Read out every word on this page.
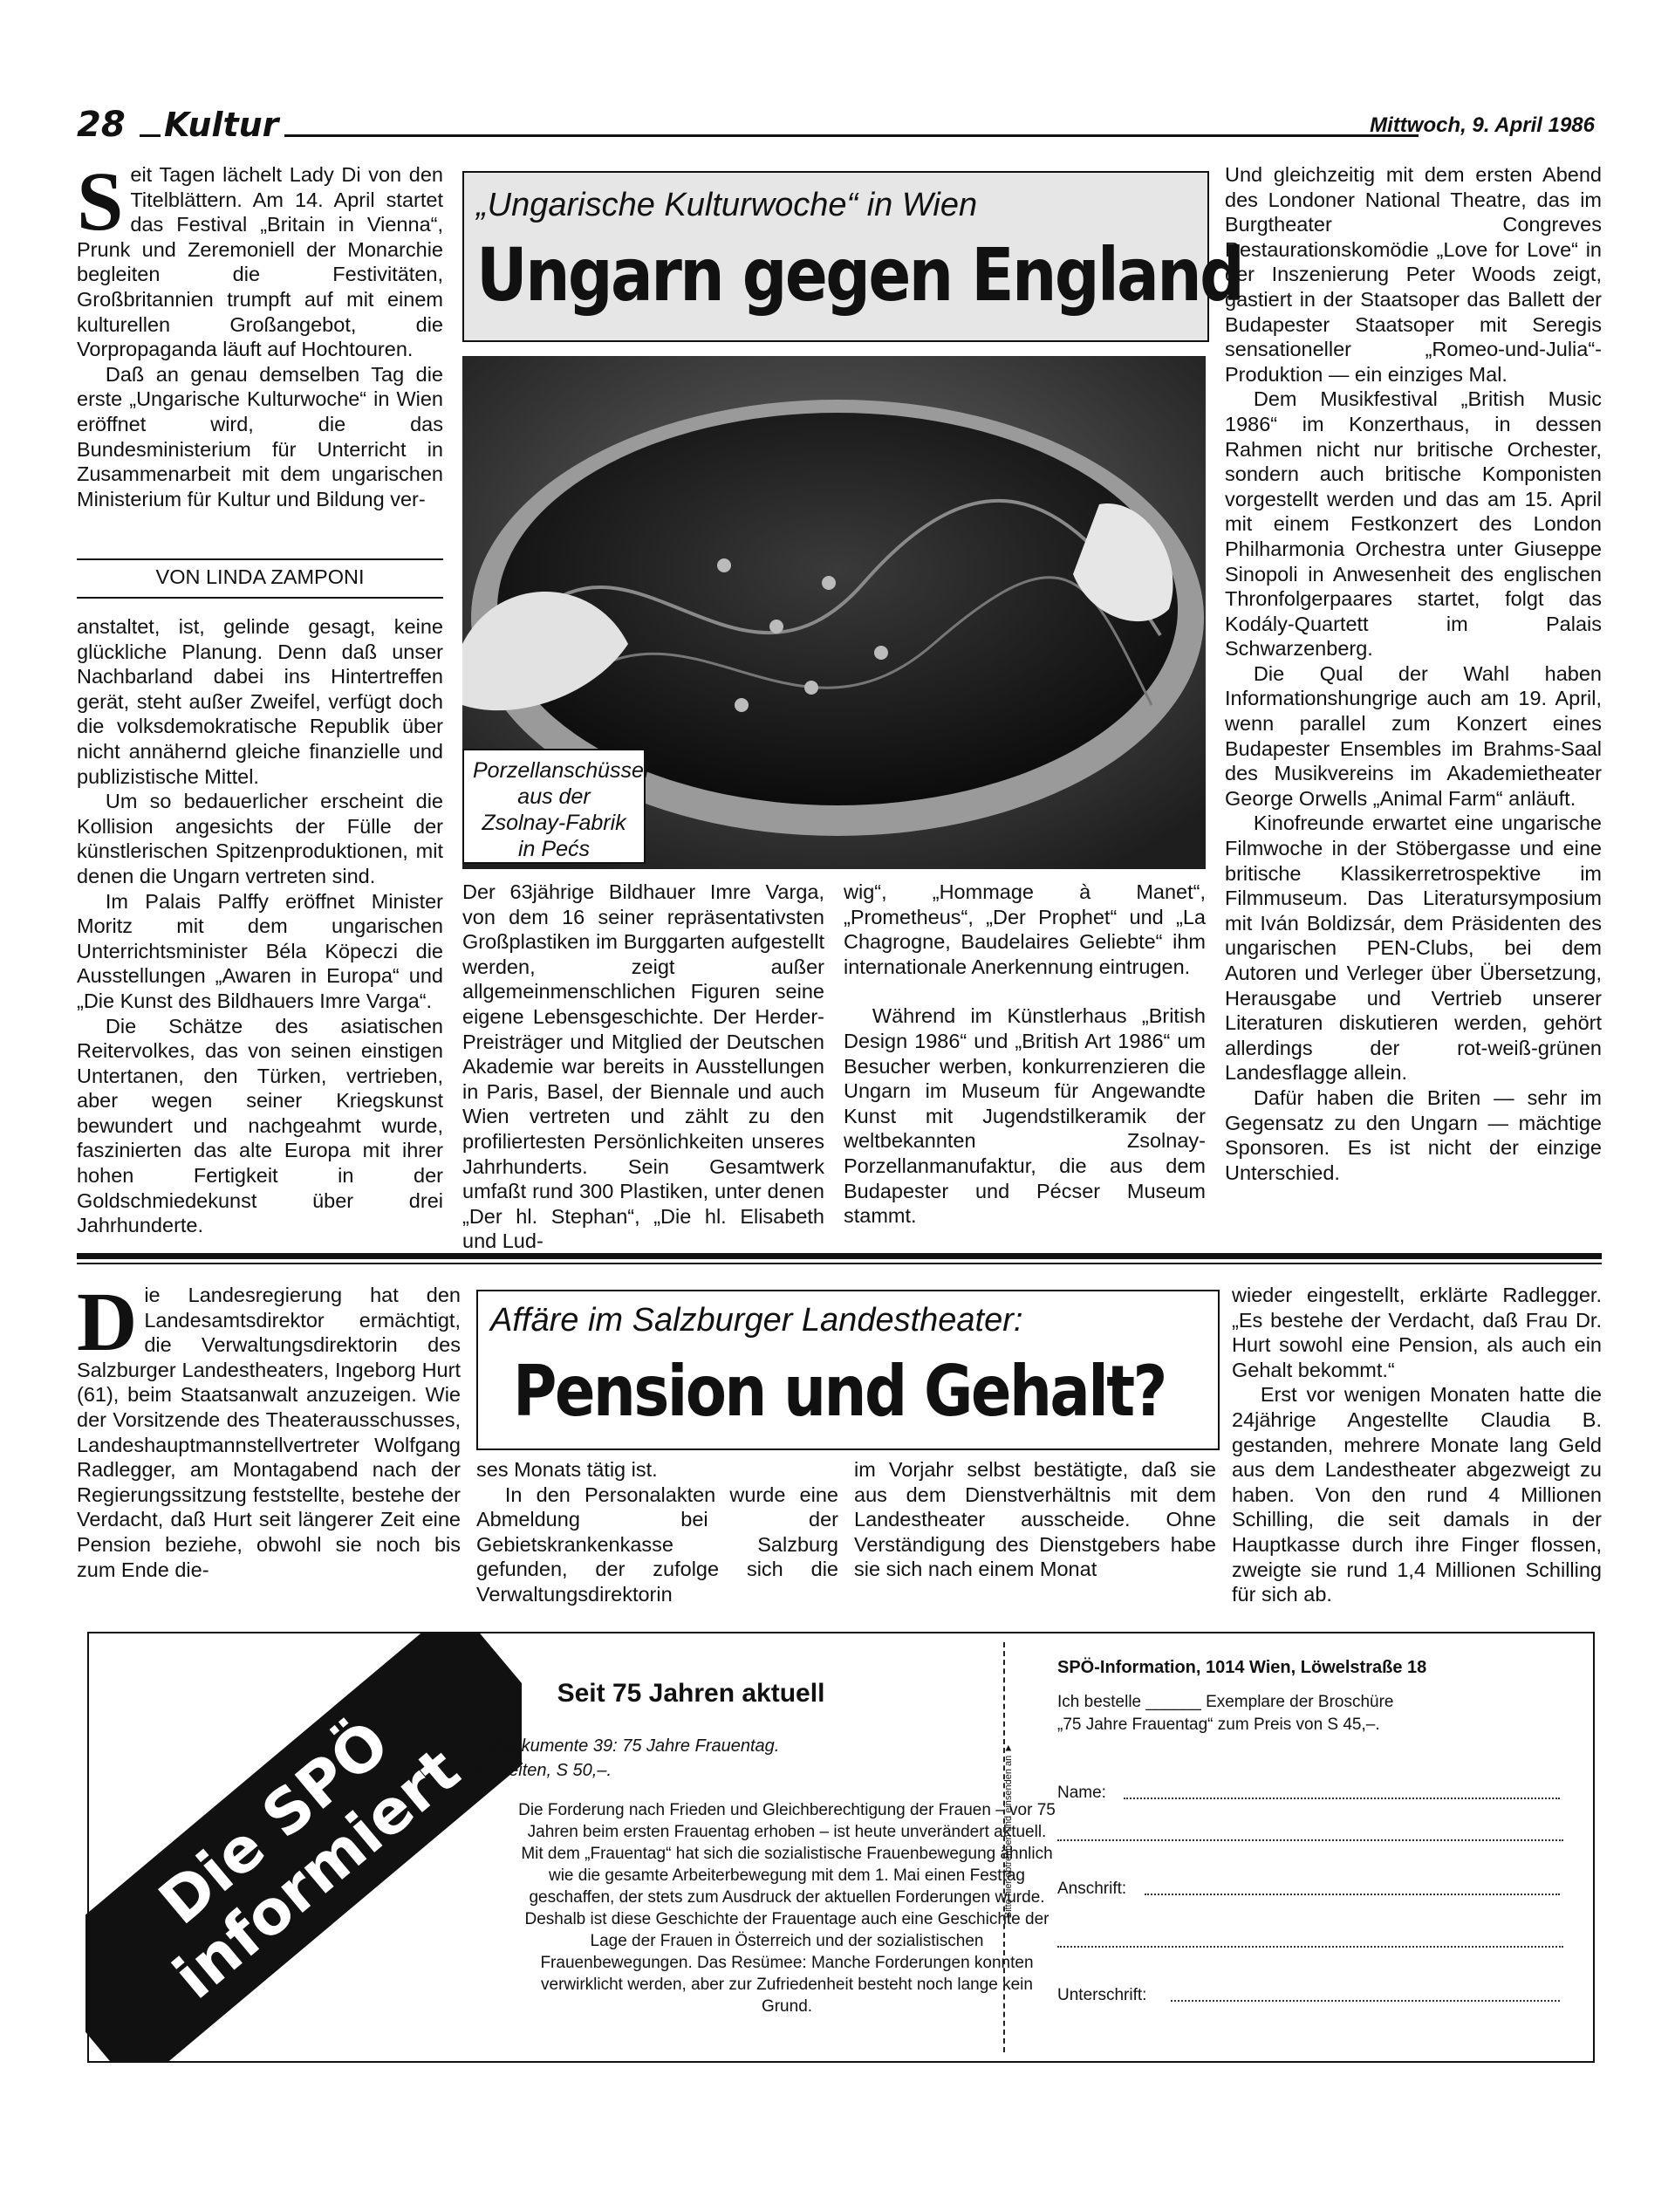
28 Kultur	Mittwoch, 9. April 1986
S eit Tagen lächelt Lady Di von den Titelblättern. Am 14. April startet das Festival „Britain in Vienna“, Prunk und Zeremoniell der Monarchie begleiten die Festivitäten, Großbritannien trumpft auf mit einem kulturellen Großangebot, die Vorpropaganda läuft auf Hochtouren.

Daß an genau demselben Tag die erste „Ungarische Kulturwoche“ in Wien eröffnet wird, die das Bundesministerium für Unterricht in Zusammenarbeit mit dem ungarischen Ministerium für Kultur und Bildung ver-

VON LINDA ZAMPONI

anstaltet, ist, gelinde gesagt, keine glückliche Planung. Denn daß unser Nachbarland dabei ins Hintertreffen gerät, steht außer Zweifel, verfügt doch die volksdemokratische Republik über nicht annähernd gleiche finanzielle und publizistische Mittel.

Um so bedauerlicher erscheint die Kollision angesichts der Fülle der künstlerischen Spitzenproduktionen, mit denen die Ungarn vertreten sind.

Im Palais Palffy eröffnet Minister Moritz mit dem ungarischen Unterrichtsminister Béla Köpeczi die Ausstellungen „Awaren in Europa“ und „Die Kunst des Bildhauers Imre Varga“.

Die Schätze des asiatischen Reitervolkes, das von seinen einstigen Untertanen, den Türken, vertrieben, aber wegen seiner Kriegskunst bewundert und nachgeahmt wurde, faszinierten das alte Europa mit ihrer hohen Fertigkeit in der Goldschmiedekunst über drei Jahrhunderte.

„Ungarische Kulturwoche“ in Wien
Ungarn gegen England
Porzellanschüssel aus der Zsolnay-Fabrik in Pećs

Der 63jährige Bildhauer Imre Varga, von dem 16 seiner repräsentativsten Großplastiken im Burggarten aufgestellt werden, zeigt außer allgemeinmenschlichen Figuren seine eigene Lebensgeschichte. Der Herder-Preisträger und Mitglied der Deutschen Akademie war bereits in Ausstellungen in Paris, Basel, der Biennale und auch Wien vertreten und zählt zu den profiliertesten Persönlichkeiten unseres Jahrhunderts. Sein Gesamtwerk umfaßt rund 300 Plastiken, unter denen „Der hl. Stephan“, „Die hl. Elisabeth und Lud-

wig“, „Hommage à Manet“, „Prometheus“, „Der Prophet“ und „La Chagrogne, Baudelaires Geliebte“ ihm internationale Anerkennung eintrugen.

Während im Künstlerhaus „British Design 1986“ und „British Art 1986“ um Besucher werben, konkurrenzieren die Ungarn im Museum für Angewandte Kunst mit Jugendstilkeramik der weltbekannten Zsolnay-Porzellanmanufaktur, die aus dem Budapester und Pécser Museum stammt.

Und gleichzeitig mit dem ersten Abend des Londoner National Theatre, das im Burgtheater Congreves Restaurationskomödie „Love for Love“ in der Inszenierung Peter Woods zeigt, gastiert in der Staatsoper das Ballett der Budapester Staatsoper mit Seregis sensationeller „Romeo-und-Julia“-Produktion — ein einziges Mal.

Dem Musikfestival „British Music 1986“ im Konzerthaus, in dessen Rahmen nicht nur britische Orchester, sondern auch britische Komponisten vorgestellt werden und das am 15. April mit einem Festkonzert des London Philharmonia Orchestra unter Giuseppe Sinopoli in Anwesenheit des englischen Thronfolgerpaares startet, folgt das Kodály-Quartett im Palais Schwarzenberg.

Die Qual der Wahl haben Informationshungrige auch am 19. April, wenn parallel zum Konzert eines Budapester Ensembles im Brahms-Saal des Musikvereins im Akademietheater George Orwells „Animal Farm“ anläuft.

Kinofreunde erwartet eine ungarische Filmwoche in der Stöbergasse und eine britische Klassikerretrospektive im Filmmuseum. Das Literatursymposium mit Iván Boldizsár, dem Präsidenten des ungarischen PEN-Clubs, bei dem Autoren und Verleger über Übersetzung, Herausgabe und Vertrieb unserer Literaturen diskutieren werden, gehört allerdings der rot-weiß-grünen Landesflagge allein.

Dafür haben die Briten — sehr im Gegensatz zu den Ungarn — mächtige Sponsoren. Es ist nicht der einzige Unterschied.

D ie Landesregierung hat den Landesamtsdirektor ermächtigt, die Verwaltungsdirektorin des Salzburger Landestheaters, Ingeborg Hurt (61), beim Staatsanwalt anzuzeigen. Wie der Vorsitzende des Theaterausschusses, Landeshauptmannstellvertreter Wolfgang Radlegger, am Montagabend nach der Regierungssitzung feststellte, bestehe der Verdacht, daß Hurt seit längerer Zeit eine Pension beziehe, obwohl sie noch bis zum Ende die-

Affäre im Salzburger Landestheater:
Pension und Gehalt?

ses Monats tätig ist.

In den Personalakten wurde eine Abmeldung bei der Gebietskrankenkasse Salzburg gefunden, der zufolge sich die Verwaltungsdirektorin

im Vorjahr selbst bestätigte, daß sie aus dem Dienstverhältnis mit dem Landestheater ausscheide. Ohne Verständigung des Dienstgebers habe sie sich nach einem Monat

wieder eingestellt, erklärte Radlegger. „Es bestehe der Verdacht, daß Frau Dr. Hurt sowohl eine Pension, als auch ein Gehalt bekommt.“

Erst vor wenigen Monaten hatte die 24jährige Angestellte Claudia B. gestanden, mehrere Monate lang Geld aus dem Landestheater abgezweigt zu haben. Von den rund 4 Millionen Schilling, die seit damals in der Hauptkasse durch ihre Finger flossen, zweigte sie rund 1,4 Millionen Schilling für sich ab.

Die SPÖ informiert
Seit 75 Jahren aktuell
Zeitdokumente 39: 75 Jahre Frauentag.
48 Seiten, S 50,–.
Die Forderung nach Frieden und Gleichberechtigung der Frauen – vor 75 Jahren beim ersten Frauentag erhoben – ist heute unverändert aktuell. Mit dem „Frauentag“ hat sich die sozialistische Frauenbewegung ähnlich wie die gesamte Arbeiterbewegung mit dem 1. Mai einen Festtag geschaffen, der stets zum Ausdruck der aktuellen Forderungen wurde. Deshalb ist diese Geschichte der Frauentage auch eine Geschichte der Lage der Frauen in Österreich und der sozialistischen Frauenbewegungen. Das Resümee: Manche Forderungen konnten verwirklicht werden, aber zur Zufriedenheit besteht noch lange kein Grund.
Bitte hier abtrennen und einsenden an ►
SPÖ-Information, 1014 Wien, Löwelstraße 18
Ich bestelle ______ Exemplare der Broschüre
„75 Jahre Frauentag“ zum Preis von S 45,–.
Name:
Anschrift:
Unterschrift:
